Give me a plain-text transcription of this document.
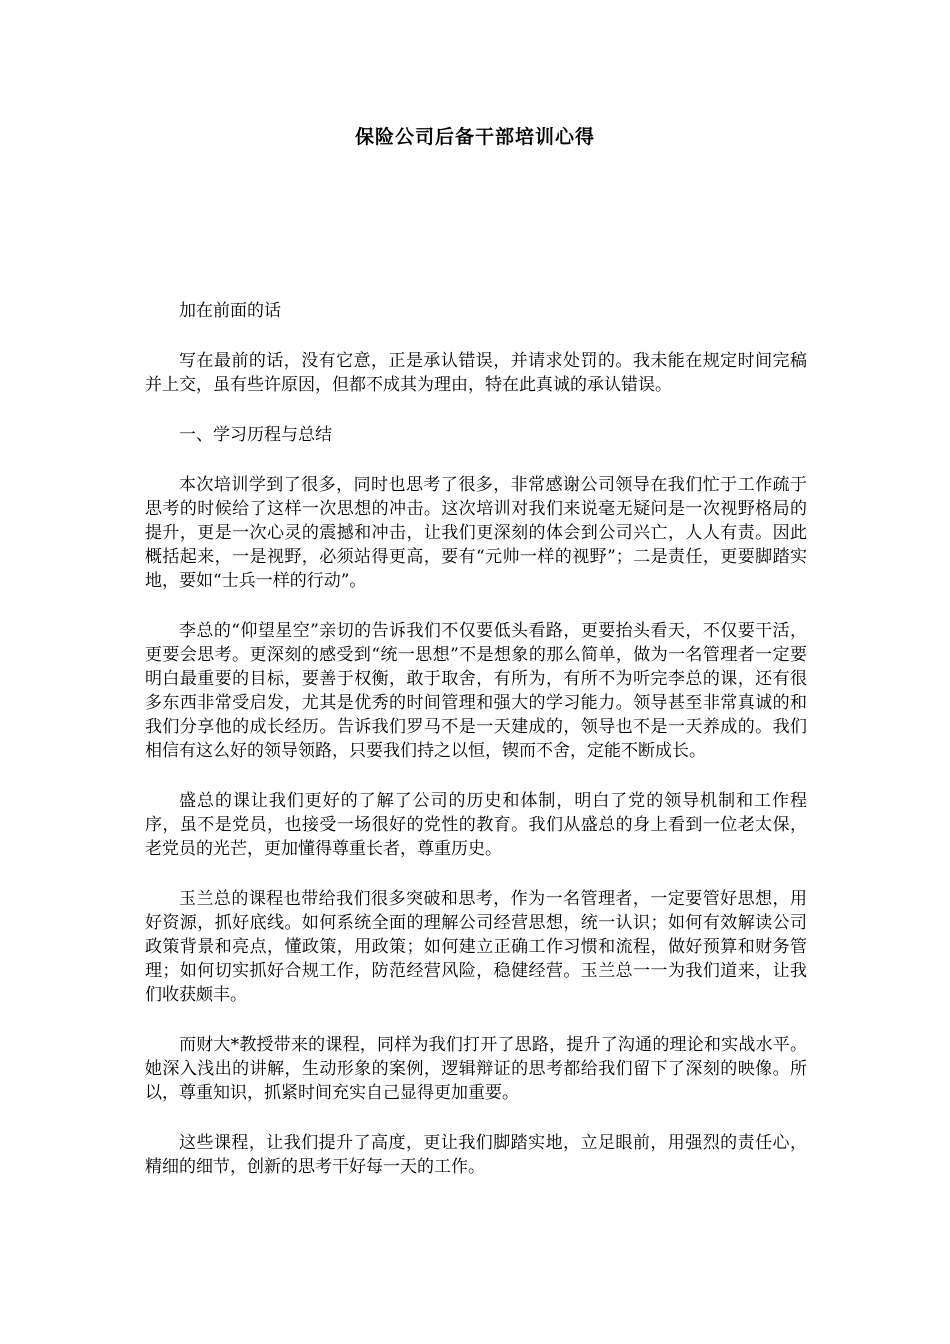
保险公司后备干部培训心得

加在前面的话

写在最前的话，没有它意，正是承认错误，并请求处罚的。我未能在规定时间完稿并上交，虽有些许原因，但都不成其为理由，特在此真诚的承认错误。

一、学习历程与总结

本次培训学到了很多，同时也思考了很多，非常感谢公司领导在我们忙于工作疏于思考的时候给了这样一次思想的冲击。这次培训对我们来说毫无疑问是一次视野格局的提升，更是一次心灵的震撼和冲击，让我们更深刻的体会到公司兴亡，人人有责。因此概括起来，一是视野，必须站得更高，要有“元帅一样的视野”；二是责任，更要脚踏实地，要如“士兵一样的行动”。

李总的“仰望星空”亲切的告诉我们不仅要低头看路，更要抬头看天，不仅要干活，更要会思考。更深刻的感受到“统一思想”不是想象的那么简单，做为一名管理者一定要明白最重要的目标，要善于权衡，敢于取舍，有所为，有所不为听完李总的课，还有很多东西非常受启发，尤其是优秀的时间管理和强大的学习能力。领导甚至非常真诚的和我们分享他的成长经历。告诉我们罗马不是一天建成的，领导也不是一天养成的。我们相信有这么好的领导领路，只要我们持之以恒，锲而不舍，定能不断成长。

盛总的课让我们更好的了解了公司的历史和体制，明白了党的领导机制和工作程序，虽不是党员，也接受一场很好的党性的教育。我们从盛总的身上看到一位老太保，老党员的光芒，更加懂得尊重长者，尊重历史。

玉兰总的课程也带给我们很多突破和思考，作为一名管理者，一定要管好思想，用好资源，抓好底线。如何系统全面的理解公司经营思想，统一认识；如何有效解读公司政策背景和亮点，懂政策，用政策；如何建立正确工作习惯和流程，做好预算和财务管理；如何切实抓好合规工作，防范经营风险，稳健经营。玉兰总一一为我们道来，让我们收获颇丰。

而财大*教授带来的课程，同样为我们打开了思路，提升了沟通的理论和实战水平。她深入浅出的讲解，生动形象的案例，逻辑辩证的思考都给我们留下了深刻的映像。所以，尊重知识，抓紧时间充实自己显得更加重要。

这些课程，让我们提升了高度，更让我们脚踏实地，立足眼前，用强烈的责任心，精细的细节，创新的思考干好每一天的工作。
